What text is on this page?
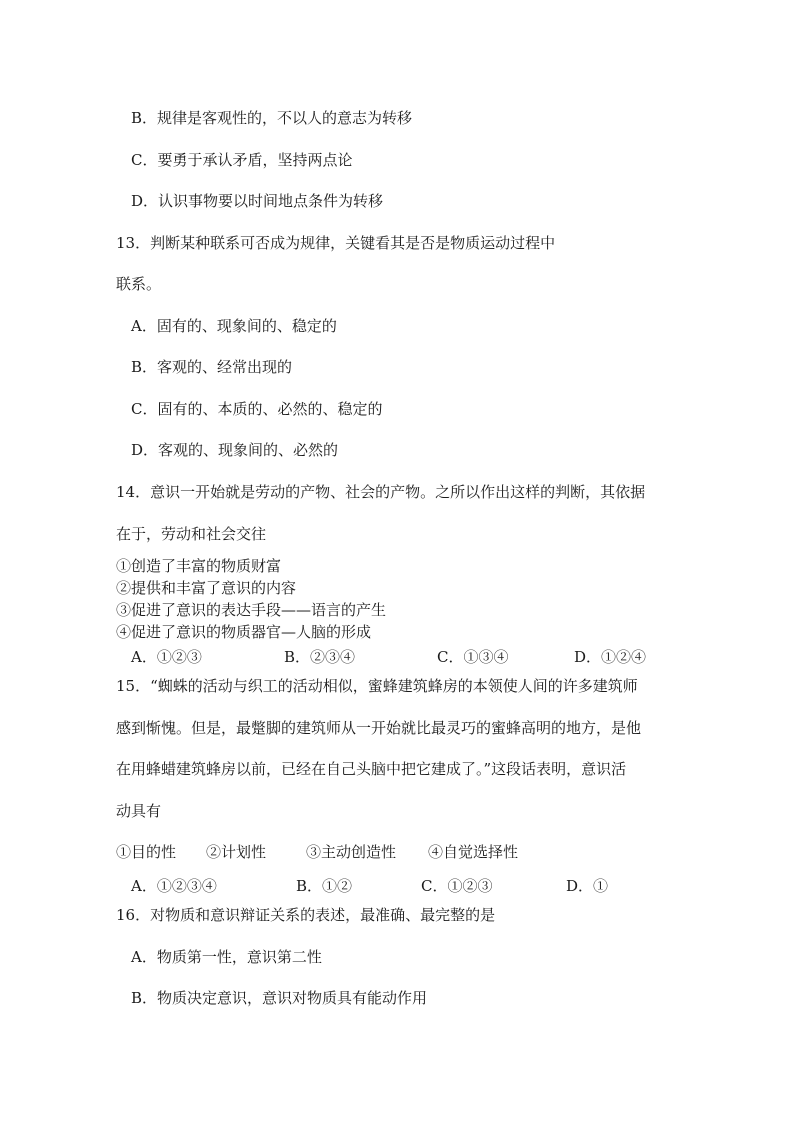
B．规律是客观性的，不以人的意志为转移
C．要勇于承认矛盾，坚持两点论
D．认识事物要以时间地点条件为转移
13．判断某种联系可否成为规律，关键看其是否是物质运动过程中
联系。
A．固有的、现象间的、稳定的
B．客观的、经常出现的
C．固有的、本质的、必然的、稳定的
D．客观的、现象间的、必然的
14．意识一开始就是劳动的产物、社会的产物。之所以作出这样的判断，其依据
在于，劳动和社会交往
①创造了丰富的物质财富
②提供和丰富了意识的内容
③促进了意识的表达手段——语言的产生
④促进了意识的物质器官—人脑的形成
A．①②③	B．②③④	C．①③④	D．①②④
15．“蜘蛛的活动与织工的活动相似，蜜蜂建筑蜂房的本领使人间的许多建筑师
感到惭愧。但是，最蹩脚的建筑师从一开始就比最灵巧的蜜蜂高明的地方，是他
在用蜂蜡建筑蜂房以前，已经在自己头脑中把它建成了。”这段话表明，意识活
动具有
①目的性 ②计划性	③主动创造性 ④自觉选择性
A．①②③④	B．①②	C．①②③	D．①
16．对物质和意识辩证关系的表述，最准确、最完整的是
A．物质第一性，意识第二性
B．物质决定意识，意识对物质具有能动作用
